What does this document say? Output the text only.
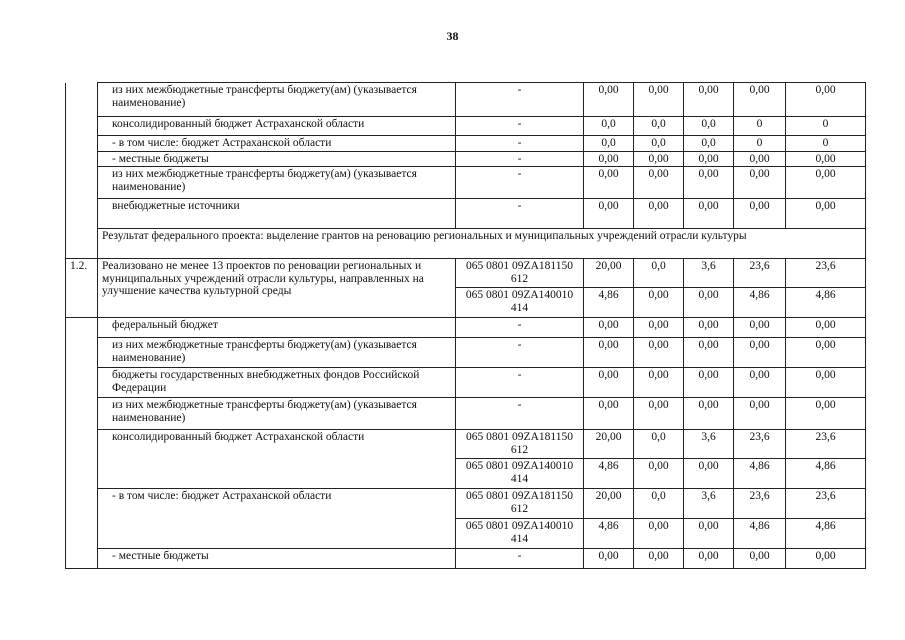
38
	из них межбюджетные трансферты бюджету(ам) (указывается наименование)	-	0,00	0,00	0,00	0,00	0,00
	консолидированный бюджет Астраханской области	-	0,0	0,0	0,0	0	0
	- в том числе: бюджет Астраханской области	-	0,0	0,0	0,0	0	0
	- местные бюджеты	-	0,00	0,00	0,00	0,00	0,00
	из них межбюджетные трансферты бюджету(ам) (указывается наименование)	-	0,00	0,00	0,00	0,00	0,00
	внебюджетные источники	-	0,00	0,00	0,00	0,00	0,00
	Результат федерального проекта: выделение грантов на реновацию региональных и муниципальных учреждений отрасли культуры						
1.2.	Реализовано не менее 13 проектов по реновации региональных и муниципальных учреждений отрасли культуры, направленных на улучшение качества культурной среды	065 0801 09ZA181150 612	20,00	0,0	3,6	23,6	23,6
		065 0801 09ZA140010 414	4,86	0,00	0,00	4,86	4,86
	федеральный бюджет	-	0,00	0,00	0,00	0,00	0,00
	из них межбюджетные трансферты бюджету(ам) (указывается наименование)	-	0,00	0,00	0,00	0,00	0,00
	бюджеты государственных внебюджетных фондов Российской Федерации	-	0,00	0,00	0,00	0,00	0,00
	из них межбюджетные трансферты бюджету(ам) (указывается наименование)	-	0,00	0,00	0,00	0,00	0,00
	консолидированный бюджет Астраханской области	065 0801 09ZA181150 612	20,00	0,0	3,6	23,6	23,6
		065 0801 09ZA140010 414	4,86	0,00	0,00	4,86	4,86
	- в том числе: бюджет Астраханской области	065 0801 09ZA181150 612	20,00	0,0	3,6	23,6	23,6
		065 0801 09ZA140010 414	4,86	0,00	0,00	4,86	4,86
	- местные бюджеты	-	0,00	0,00	0,00	0,00	0,00
